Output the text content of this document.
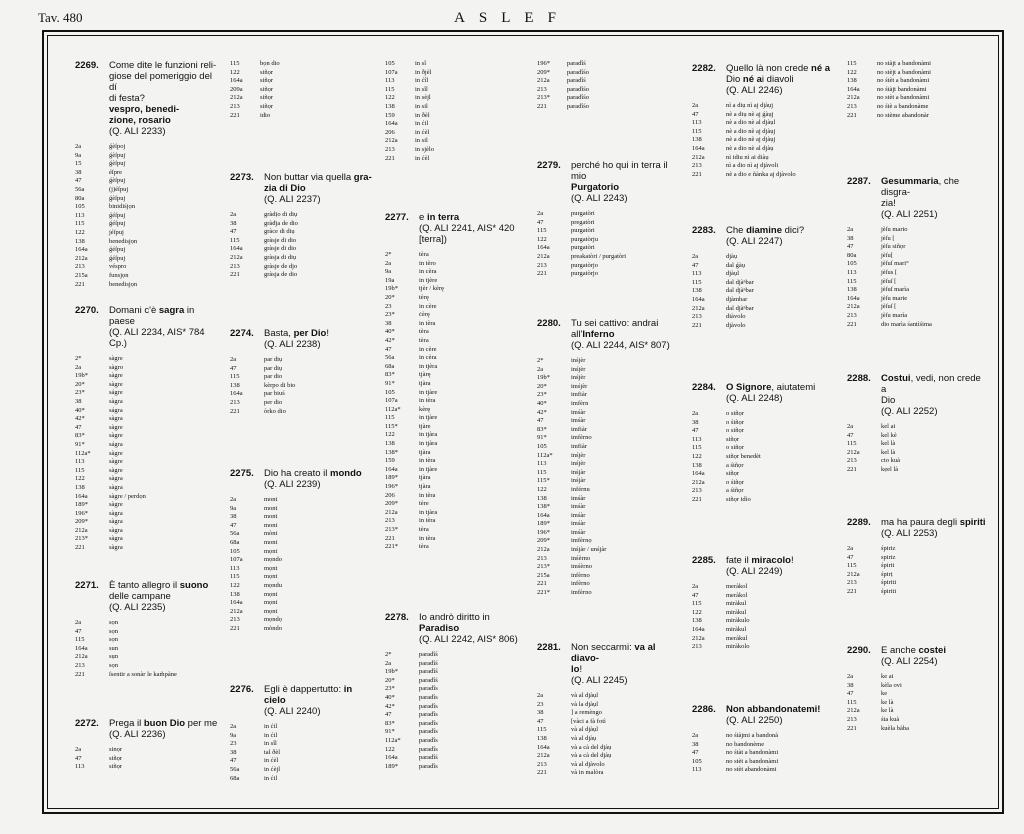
Tav. 480	ASLEF
2269.	Come dite le funzioni reli-
giose del pomeriggio del dí
di festa?
vespro, benedi-
zione, rosario
(Q. ALI 2233)
2a	ǵèſpoj
9a	ǵèſpuj
15	ǵèſpuj
38	éſpre
47	ǵèſpuj
56a	(j)éſpuj
80a	ǵèſpuj
105	binidiśjọn
113	ǵéſpuj
115	ǵéſpuj
122	jéſpuj
138	benedisjọn
164a	ǵéſpuj
212a	ǵéſpuj
213	véspro
215a	funsjọn
221	benedisjọn
2270.	Domani c'è sagra in paese
(Q. ALI 2234, AIS* 784 Cp.)
2*	sàgre
2a	sàgro
19b*	sàgre
20*	sàgre
23*	ságre
38	sàgra
40*	ságra
42*	sàgra
47	sàgre
83*	sàgre
91*	ságra
112a*	sàgre
113	sàgre
115	sàgre
122	sàgra
138	sàgra
164a	sàgre / perdọn
189*	sàgre
196*	sàgra
209*	sàgra
212a	sàgra
213*	sàgra
221	sàgra
2271.	È tanto allegro il suono
delle campane
(Q. ALI 2235)
2a	sọn
47	sọn
115	sọn
164a	sun
212a	sụn
213	sọn
221	ſsentir a sonàr le kam̃pàne
2272.	Prega il buon Dio per me
(Q. ALI 2236)
2a	sinọr
47	siñọr
113	siñọr
115	bọn dio
122	siñọr
164a	siñọr
209a	siñọr
212a	siñọr
213	siñọr
221	idio
2273.	Non buttar via quella gra-
zia di Dio
(Q. ALI 2237)
2a	gràdịo di diụ
38	gràđja de dio
47	gràce di diụ
115	gràsje di dio
164a	gràsje di dio
212a	gràsja di diụ
213	gràsje de djo
221	gràsja de dio
2274.	Basta, per Dio!
(Q. ALI 2238)
2a	par diụ
47	par diụ
115	par dio
138	kèrpo di bio
164a	par biuś
213	per dio
221	òrko dio
2275.	Dio ha creato il mondo
(Q. ALI 2239)
2a	mont
9a	mont
38	mont
47	mont
56a	mònt
68a	mont
105	mọnt
107a	mọndo
113	mọnt
115	mọnt
122	mọndu
138	mọnt
164a	mọnt
212a	mọnt
213	mọndọ
221	mòndo
2276.	Egli è dappertutto: in cielo
(Q. ALI 2240)
2a	in ćil
9a	in ćil
23	in sîl
38	tal ðèl
47	in ćèl
56a	in ćèjl
68a	in ćil
105	in sî
107a	in ðjèl
113	in ćîl
115	in sîl
122	in sèjl
138	in sil
159	in ðèl
164a	in ćil
206	in ćèl
212a	in sil
213	in sjèlo
221	in ćèl
2277.	e in terra
(Q. ALI 2241, AIS* 420 [terra])
2*	tèra
2a	in tèro
9a	in cèra
19a	in tjère
19b*	tjèr / kèrę
20*	tèrę
23	in cère
23*	ċèrę
38	in tèra
40*	tèra
42*	tèra
47	in cère
56a	in cèra
68a	in tjèra
83*	tjàrę
91*	tjàra
105	in tjàre
107a	in tèra
112a*	kèrę
115	in tjàre
115*	tjàre
122	in tjàra
138	in tjàra
138*	tjàra
159	in tèra
164a	in tjàre
189*	tjàra
196*	tjàra
206	in tèra
209*	tère
212a	in tjàra
213	in tèra
213*	tèra
221	in tèra
221*	tèra
2278.	Io andrò diritto in Paradiso
(Q. ALI 2242, AIS* 806)
2*	paradîś
2a	paradîś
19b*	paradîś
20*	paradîś
23*	paradîs
40*	paradîs
42*	paradîs
47	paradîs
83*	paradîs
91*	paradîs
112a*	paradîs
122	paradîs
164a	paradîś
189*	paradîs
196*	paradîś
209*	paradîśo
212a	paradîś
213	paradîśo
213*	paradîśo
221	paradîśo
2279.	perché ho qui in terra il mio
Purgatorio
(Q. ALI 2243)
2a	purgatòri
47	pregatòri
115	purgatòri
122	purgatòrju
164a	purgatòri
212a	preakatòri / purgatòri
213	purgatòrjo
221	purgatòrjo
2280.	Tu sei cattivo: andrai
all'Inferno
(Q. ALI 2244, AIS* 807)
2*	inśjèr
2a	inśjèr
19b*	inśjèr
20*	imśjèr
23*	imfiàr
40*	imfèrn
42*	imśàr
47	imśàr
83*	imfiàr
91*	imfèrno
105	imfiàr
112a*	inśjèr
113	inśjèr
115	inśjàr
115*	inśjàr
122	inférnu
138	imśàr
138*	imśàr
164a	imśàr
189*	imśàr
196*	imśàr
209*	imfèrnọ
212a	inśjàr / unśjàr
213	inśèrno
213*	imśèrno
215a	infèrno
221	infèrno
221*	imfèrno
2281.	Non seccarmi: va al diavo-
lo!
(Q. ALI 2245)
2a	và al djàụl
23	và la djàụl
38	] a remèngo
47	[vàci a fà fotì
115	và al djàụl
138	và al djàụ
164a	và a cà del djàụ
212a	và a cà del djàụ
213	và al djàvolo
221	và in malòra
2282.	Quello là non crede né a
Dio né ai diavoli
(Q. ALI 2246)
2a	nì a diụ nì aj djàụj
47	nè a diụ nè aj ǵàụj
113	nè a dio nè al djàụl
115	nè a dio nè aj djàụj
138	nè a dio nè aj djàụj
164a	nè a dio nè al djàụ
212a	nì idiu nì ai diàụ
213	nì a dio nì aj djàvoli
221	nè a dio e ñànka aj djàvolo
2283.	Che diamine dici?
(Q. ALI 2247)
2a	djàụ
47	dal ǵàụ
113	djàụl
115	dal djàⁿbar
138	dal djàⁿbar
164a	djàmbar
212a	dal djàⁿbar
213	diàvolo
221	djàvolo
2284.	O Signore, aiutatemi
(Q. ALI 2248)
2a	o siñọr
38	o śiñọr
47	o siñọr
113	siñọr
115	o siñọr
122	siñọr benedèt
138	a śiñọr
164a	siñọr
212a	o śiñọr
213	a śiñọr
221	siñọr idìo
2285.	fate il miracolo!
(Q. ALI 2249)
2a	meràkol
47	meràkol
115	miràkul
122	miràkul
138	miràkulo
164a	miràkul
212a	meràkul
213	miràkolo
2286.	Non abbandonatemi!
(Q. ALI 2250)
2a	no śtàjmi a bandonà
38	no bandonème
47	no śtàt a bandonàmi
105	no stèt a bandonàmi
113	no stèt abandonàmi
115	no stàjt a bandonàmi
122	no stèjt a bandonàmi
138	no śtèt a bandonàmi
164a	no śtàjt bandonàmi
212a	no stèt a bandonàmi
213	no śtè a bandonàme
221	no stème abandonàr
2287.	Gesummaria, che disgra-
zia!
(Q. ALI 2251)
2a	jèſu mario
38	jèſu [
47	jèſu siñọr
80a	jèſu[
105	jèſuſ mari°
113	jèſus [
115	jèſuſ [
138	jèſuſ marìa
164a	jèſu marie
212a	jèſuſ [
213	jèſu marìa
221	dio marìa śantìśima
2288.	Costui, vedi, non crede a
Dio
(Q. ALI 2252)
2a	kel ai
47	kel kè
115	kel là
212a	kel là
213	cto kuà
221	kẹel là
2289.	ma ha paura degli spiriti
(Q. ALI 2253)
2a	śpiriz
47	spiriz
115	śpirit
212a	śpirṭ
213	śpiriti
221	śpiriti
2290.	E anche costei
(Q. ALI 2254)
2a	ke ai
38	kèla ovi
47	ke
115	ke là
212a	ke là
213	śta kuà
221	kuèla bàba
